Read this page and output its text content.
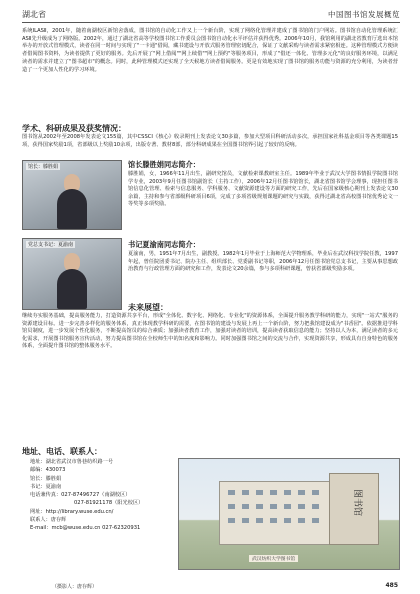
湖北省	中国图书馆发展概览
系统ILASⅡ，2001年，随着南湖校区新馆舍落成，图书馆的自动化工作又上一个新台阶，实现了网络化管理并建成了图书馆的门户网站。图书馆自动化管理系统汇ASⅡ先升级成为了网络版。2002年，通过了湖北省高等学校图书馆工作委员会图书馆自动化水平评估并获得优秀。2006年10月，我馆利用的湖北省教育厅选出本馆举办的开放式管理模式，读者在同一时间与实现了"一卡通"借阅，藏书建设与开放式服务管理密切配合，保证了文献采购与读者需求紧密相连。这种管理模式方便读者借阅图书资料，为读者提供了更好的服务。先后开展了"网上借阅""网上续借""网上预约"等服务项目，形成了"借还一体化、管理多元化"的良好服务环境，以满足读者的需求并建立了"图书超市"的概念。同时，此种管理模式还实现了全天候地方读者借阅服务。更是有效地实现了图书馆的服务功能与资源的充分利用，为读者营造了一个更加人性化的学习环境。
学术、科研成果及获奖情况：
图书馆从2002年至2008年发表论文155篇，其中CSSCI《核心》收录期刊上发表论文30多篇，参加大型项目科研活动多次，承担国家社科基金项目等各类课题15项，获得国家奖励1项，省部级以上奖励10余项，出版专著、教材8部，部分科研成果在全国图书馆界引起了较好的反响。
馆长：滕胜娟	馆长滕胜娟同志简介：
滕胜娟，女，1966年11月出生，副研究馆员，文献检索课教研室主任。1989年毕业于武汉大学图书情报学院图书馆学专业，2003年9月任图书馆副馆长（主持工作），2006年12月任图书馆馆长，湖北省图书馆学会理事，现担任图书馆信息化管理、检索与信息服务、学科服务、文献资源建设等方面的研究工作，先后在国家级核心期刊上发表论文30余篇，主持和参与省部级科研项目6项，完成了多项省级规划课题的研究与实践，获得过湖北省高校图书馆优秀论文一等奖等多项奖励。
书记夏渝南同志简介：
党总支书记：夏渝南
夏渝南，男，1951年7月出生，副教授。1982年1月毕业于上海师范大学物理系，毕业后在武汉科技学院任教，1997年起，曾任院团委书记、院办主任、组织部长、党委副书记等职，2006年12月任图书馆党总支书记，主要从事思想政治教育与行政管理方面的研究和工作，发表论文20余篇，参与多项科研课题，曾获省部级奖励多项。
未来展望：
继续夯实服务基础，提高服务能力，打造资源共享平台，形成"全体化、数字化、网络化、专业化"的资源体系，全面提升服务教学科研的能力，实现"一站式"服务的资源建设目标。进一步完善多样化的服务体系，真正体现教学科研的需要，在图书馆的建设与发展上再上一个新台阶，努力把我馆建设成为"书香园"。依据推进学科馆员制度，进一步发展个性化服务，不断提高馆员的综合素质；加强读者教育工作，加强对读者的培训，提高读者获取信息的能力；坚持以人为本，满足读者的多元化需求，开展图书馆服务宣传活动，努力提高图书馆在全校师生中的知名度和影响力。同时加强图书馆之间的交流与合作，实现资源共享，形成具有自身特色的服务体系，全面提升图书馆的整体服务水平。
地址、电话、联系人：
地址：湖北省武汉市鲁巷纺织路一号
邮编：430073
馆长：滕胜娟
书记：夏渝南
电话兼传真：027-87496727（南湖校区）
027-81921178（阳光校区）
网址：http://library.wuse.edu.cn/
联系人：唐存辉
E-mail：mcb@wuse.edu.cn 027-62320931
图书馆
武汉纺织大学图书馆
（摄影人：唐存辉）	485
